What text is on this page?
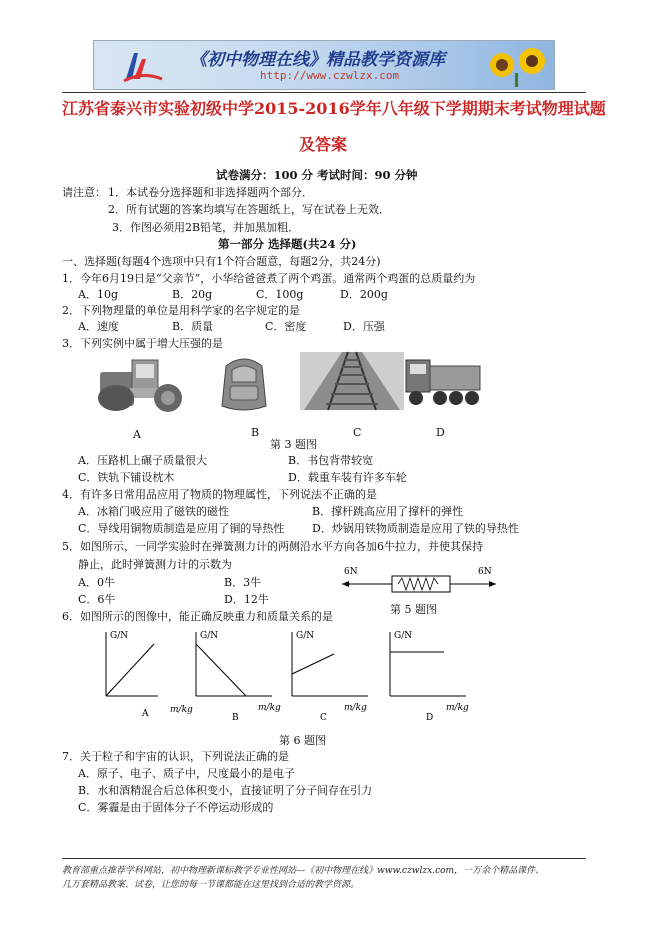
《初中物理在线》精品教学资源库
http://www.czwlzx.com
江苏省泰兴市实验初级中学2015-2016学年八年级下学期期末考试物理试题
及答案
试卷满分：100 分 考试时间：90 分钟
请注意： 1．本试卷分选择题和非选择题两个部分．
2．所有试题的答案均填写在答题纸上，写在试卷上无效．
3．作图必须用2B铅笔，并加黑加粗．
第一部分 选择题(共24 分)
一、选择题(每题4个选项中只有1个符合题意，每题2分，共24分)
1．今年6月19日是“父亲节”，小华给爸爸煮了两个鸡蛋。通常两个鸡蛋的总质量约为
A．10g	B．20g	C．100g	D．200g
2．下列物理量的单位是用科学家的名字规定的是
A．速度	B．质量	C．密度	D．压强
3．下列实例中属于增大压强的是
A	B	C	D
第 3 题图
A．压路机上碾子质量很大	B．书包背带较宽
C．铁轨下铺设枕木	D．载重车装有许多车轮
4．有许多日常用品应用了物质的物理属性，下列说法不正确的是
A．冰箱门吸应用了磁铁的磁性	B．撑杆跳高应用了撑杆的弹性
C．导线用铜物质制造是应用了铜的导热性	D．炒锅用铁物质制造是应用了铁的导热性
5．如图所示，一同学实验时在弹簧测力计的两侧沿水平方向各加6牛拉力，并使其保持
静止，此时弹簧测力计的示数为
A．0牛	B．3牛
C．6牛	D．12牛
6N	6N
第 5 题图
6．如图所示的图像中，能正确反映重力和质量关系的是
G/N
A
G/N
m/kg	m/kg
B
G/N
m/kg
C
G/N
m/kg
D
第 6 题图
7．关于粒子和宇宙的认识，下列说法正确的是
A．原子、电子、质子中，尺度最小的是电子
B．水和酒精混合后总体积变小，直接证明了分子间存在引力
C．雾霾是由于固体分子不停运动形成的
教育部重点推荐学科网站，初中物理新课标教学专业性网站---《初中物理在线》www.czwlzx.com，一万余个精品课件、
几万套精品教案、试卷，让您的每一节课都能在这里找到合适的教学资源。
